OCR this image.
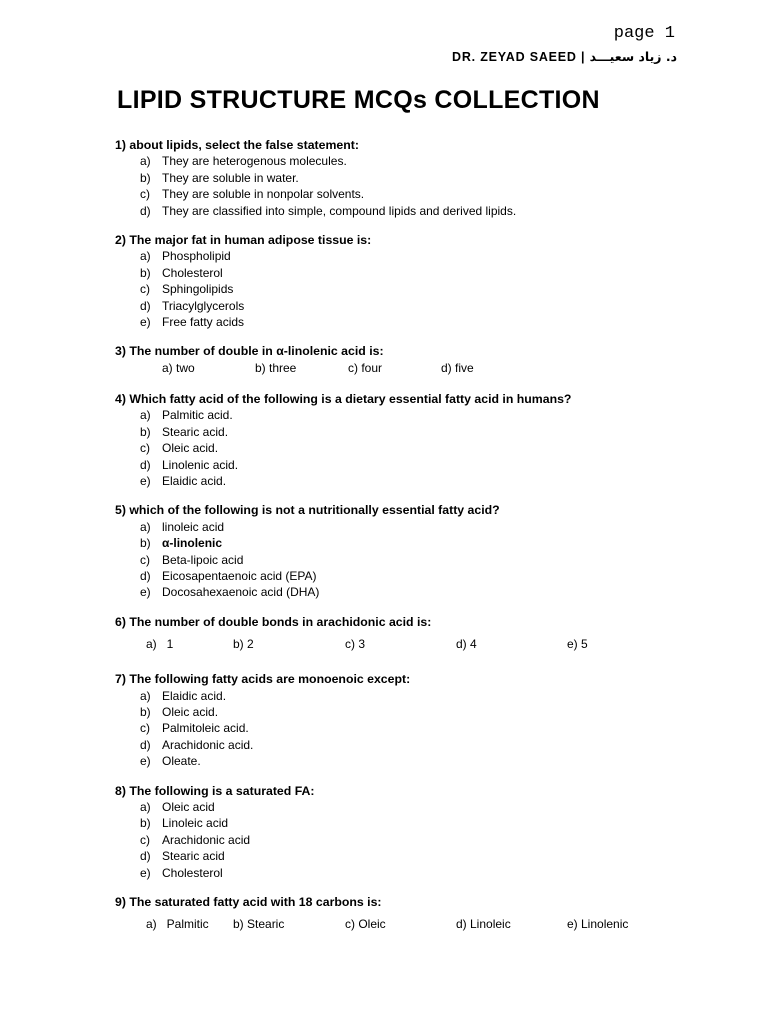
page 1
DR. ZEYAD SAEED | د. زياد سعيـــد
LIPID STRUCTURE MCQs COLLECTION
1) about lipids, select the false statement:
a) They are heterogenous molecules.
b) They are soluble in water.
c)	They are soluble in nonpolar solvents.
d) They are classified into simple, compound lipids and derived lipids.
2) The major fat in human adipose tissue is:
a) Phospholipid
b) Cholesterol
c)	Sphingolipids
d) Triacylglycerols
e) Free fatty acids
3) The number of double in α-linolenic acid is:
a) two	b) three	c) four	d) five
4) Which fatty acid of the following is a dietary essential fatty acid in humans?
a) Palmitic acid.
b) Stearic acid.
c)	Oleic acid.
d) Linolenic acid.
e) Elaidic acid.
5) which of the following is not a nutritionally essential fatty acid?
a) linoleic acid
b) α-linolenic
c)	Beta-lipoic acid
d) Eicosapentaenoic acid (EPA)
e) Docosahexaenoic acid (DHA)
6) The number of double bonds in arachidonic acid is:
a)   1	b) 2	c) 3	d) 4	e) 5
7) The following fatty acids are monoenoic except:
a) Elaidic acid.
b) Oleic acid.
c)	Palmitoleic acid.
d) Arachidonic acid.
e) Oleate.
8) The following is a saturated FA:
a) Oleic acid
b) Linoleic acid
c)	Arachidonic acid
d) Stearic acid
e) Cholesterol
9) The saturated fatty acid with 18 carbons is:
a)   Palmitic b) Stearic	c) Oleic	d) Linoleic	e) Linolenic
